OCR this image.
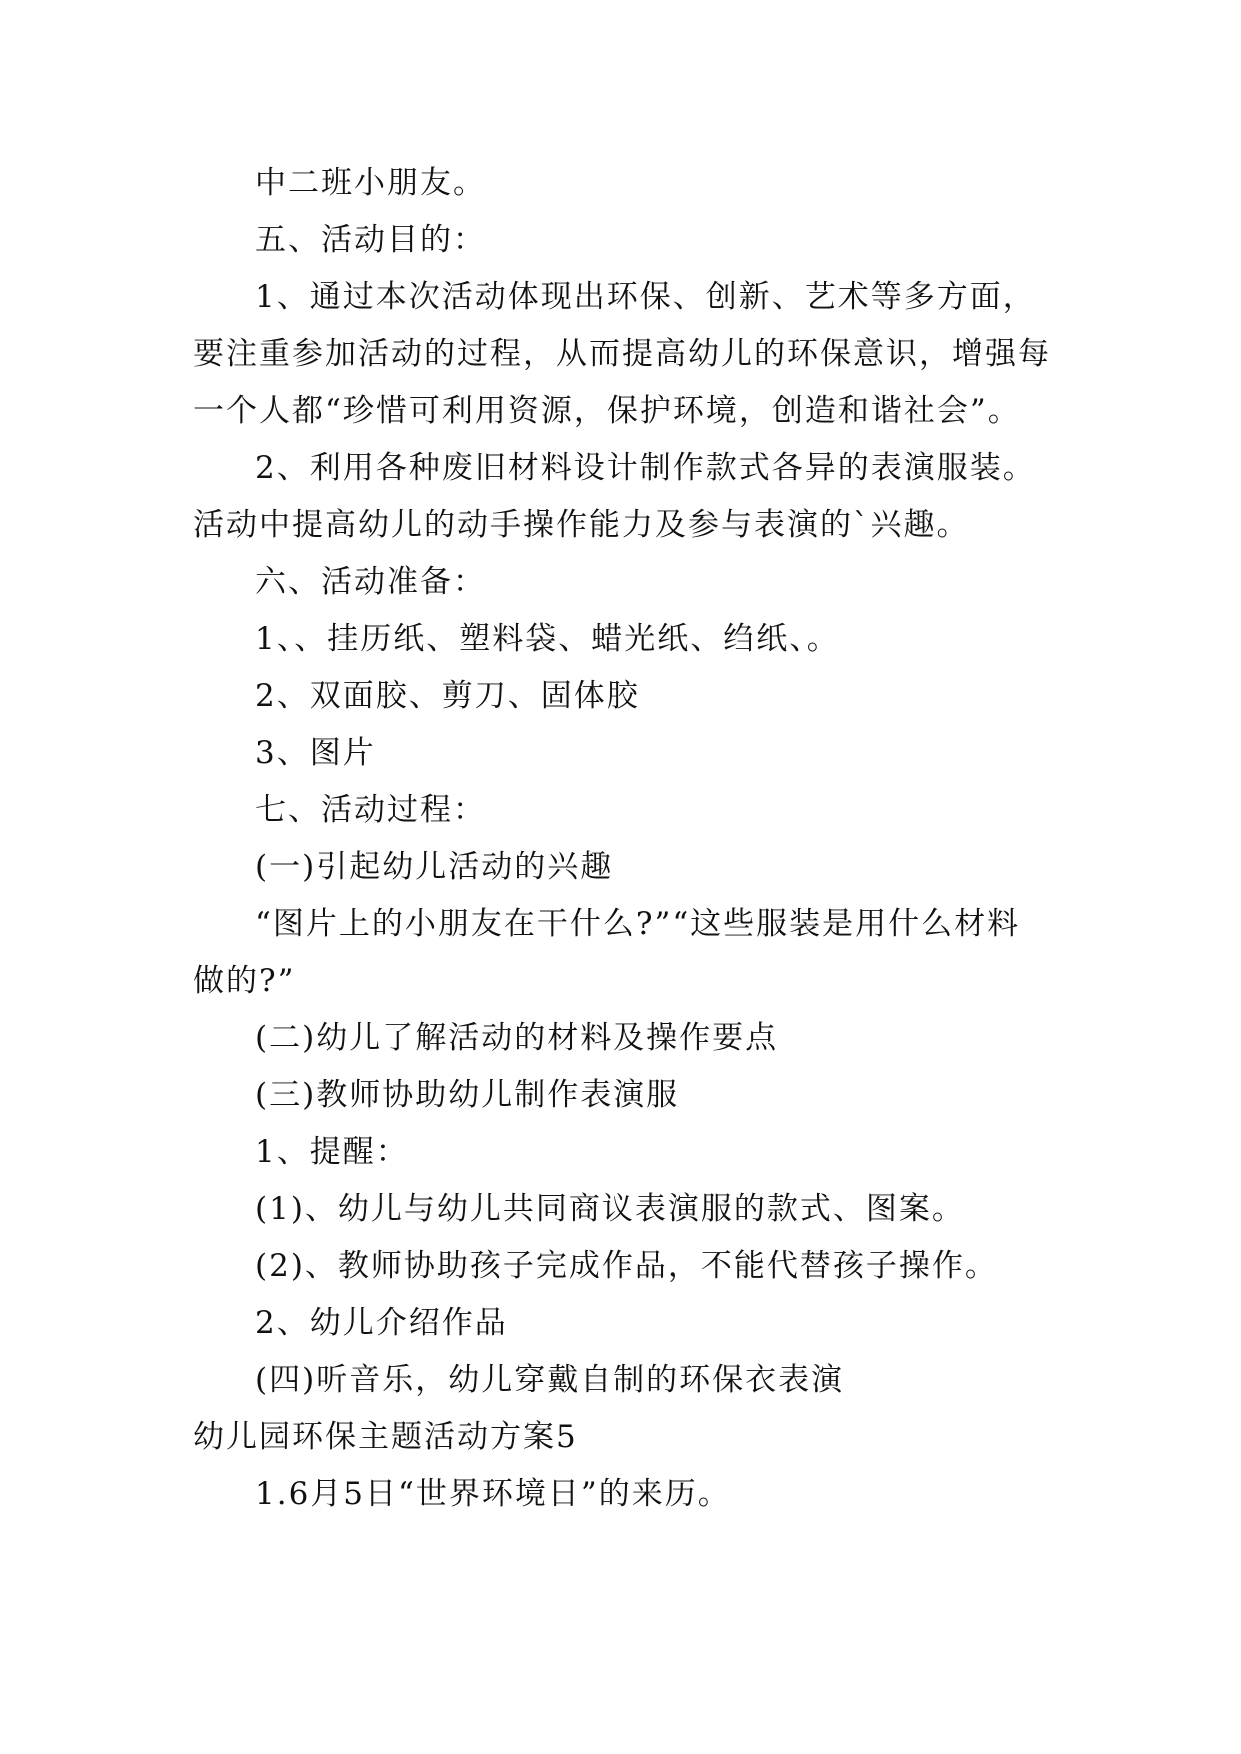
中二班小朋友。

五、活动目的：

1、通过本次活动体现出环保、创新、艺术等多方面，要注重参加活动的过程，从而提高幼儿的环保意识，增强每一个人都“珍惜可利用资源，保护环境，创造和谐社会”。

2、利用各种废旧材料设计制作款式各异的表演服装。活动中提高幼儿的动手操作能力及参与表演的`兴趣。

六、活动准备：

1、、挂历纸、塑料袋、蜡光纸、绉纸、。

2、双面胶、剪刀、固体胶

3、图片

七、活动过程：

(一)引起幼儿活动的兴趣

“图片上的小朋友在干什么?”“这些服装是用什么材料做的?”

(二)幼儿了解活动的材料及操作要点

(三)教师协助幼儿制作表演服

1、提醒：

(1)、幼儿与幼儿共同商议表演服的款式、图案。

(2)、教师协助孩子完成作品，不能代替孩子操作。

2、幼儿介绍作品

(四)听音乐，幼儿穿戴自制的环保衣表演

幼儿园环保主题活动方案5

1.6月5日“世界环境日”的来历。
